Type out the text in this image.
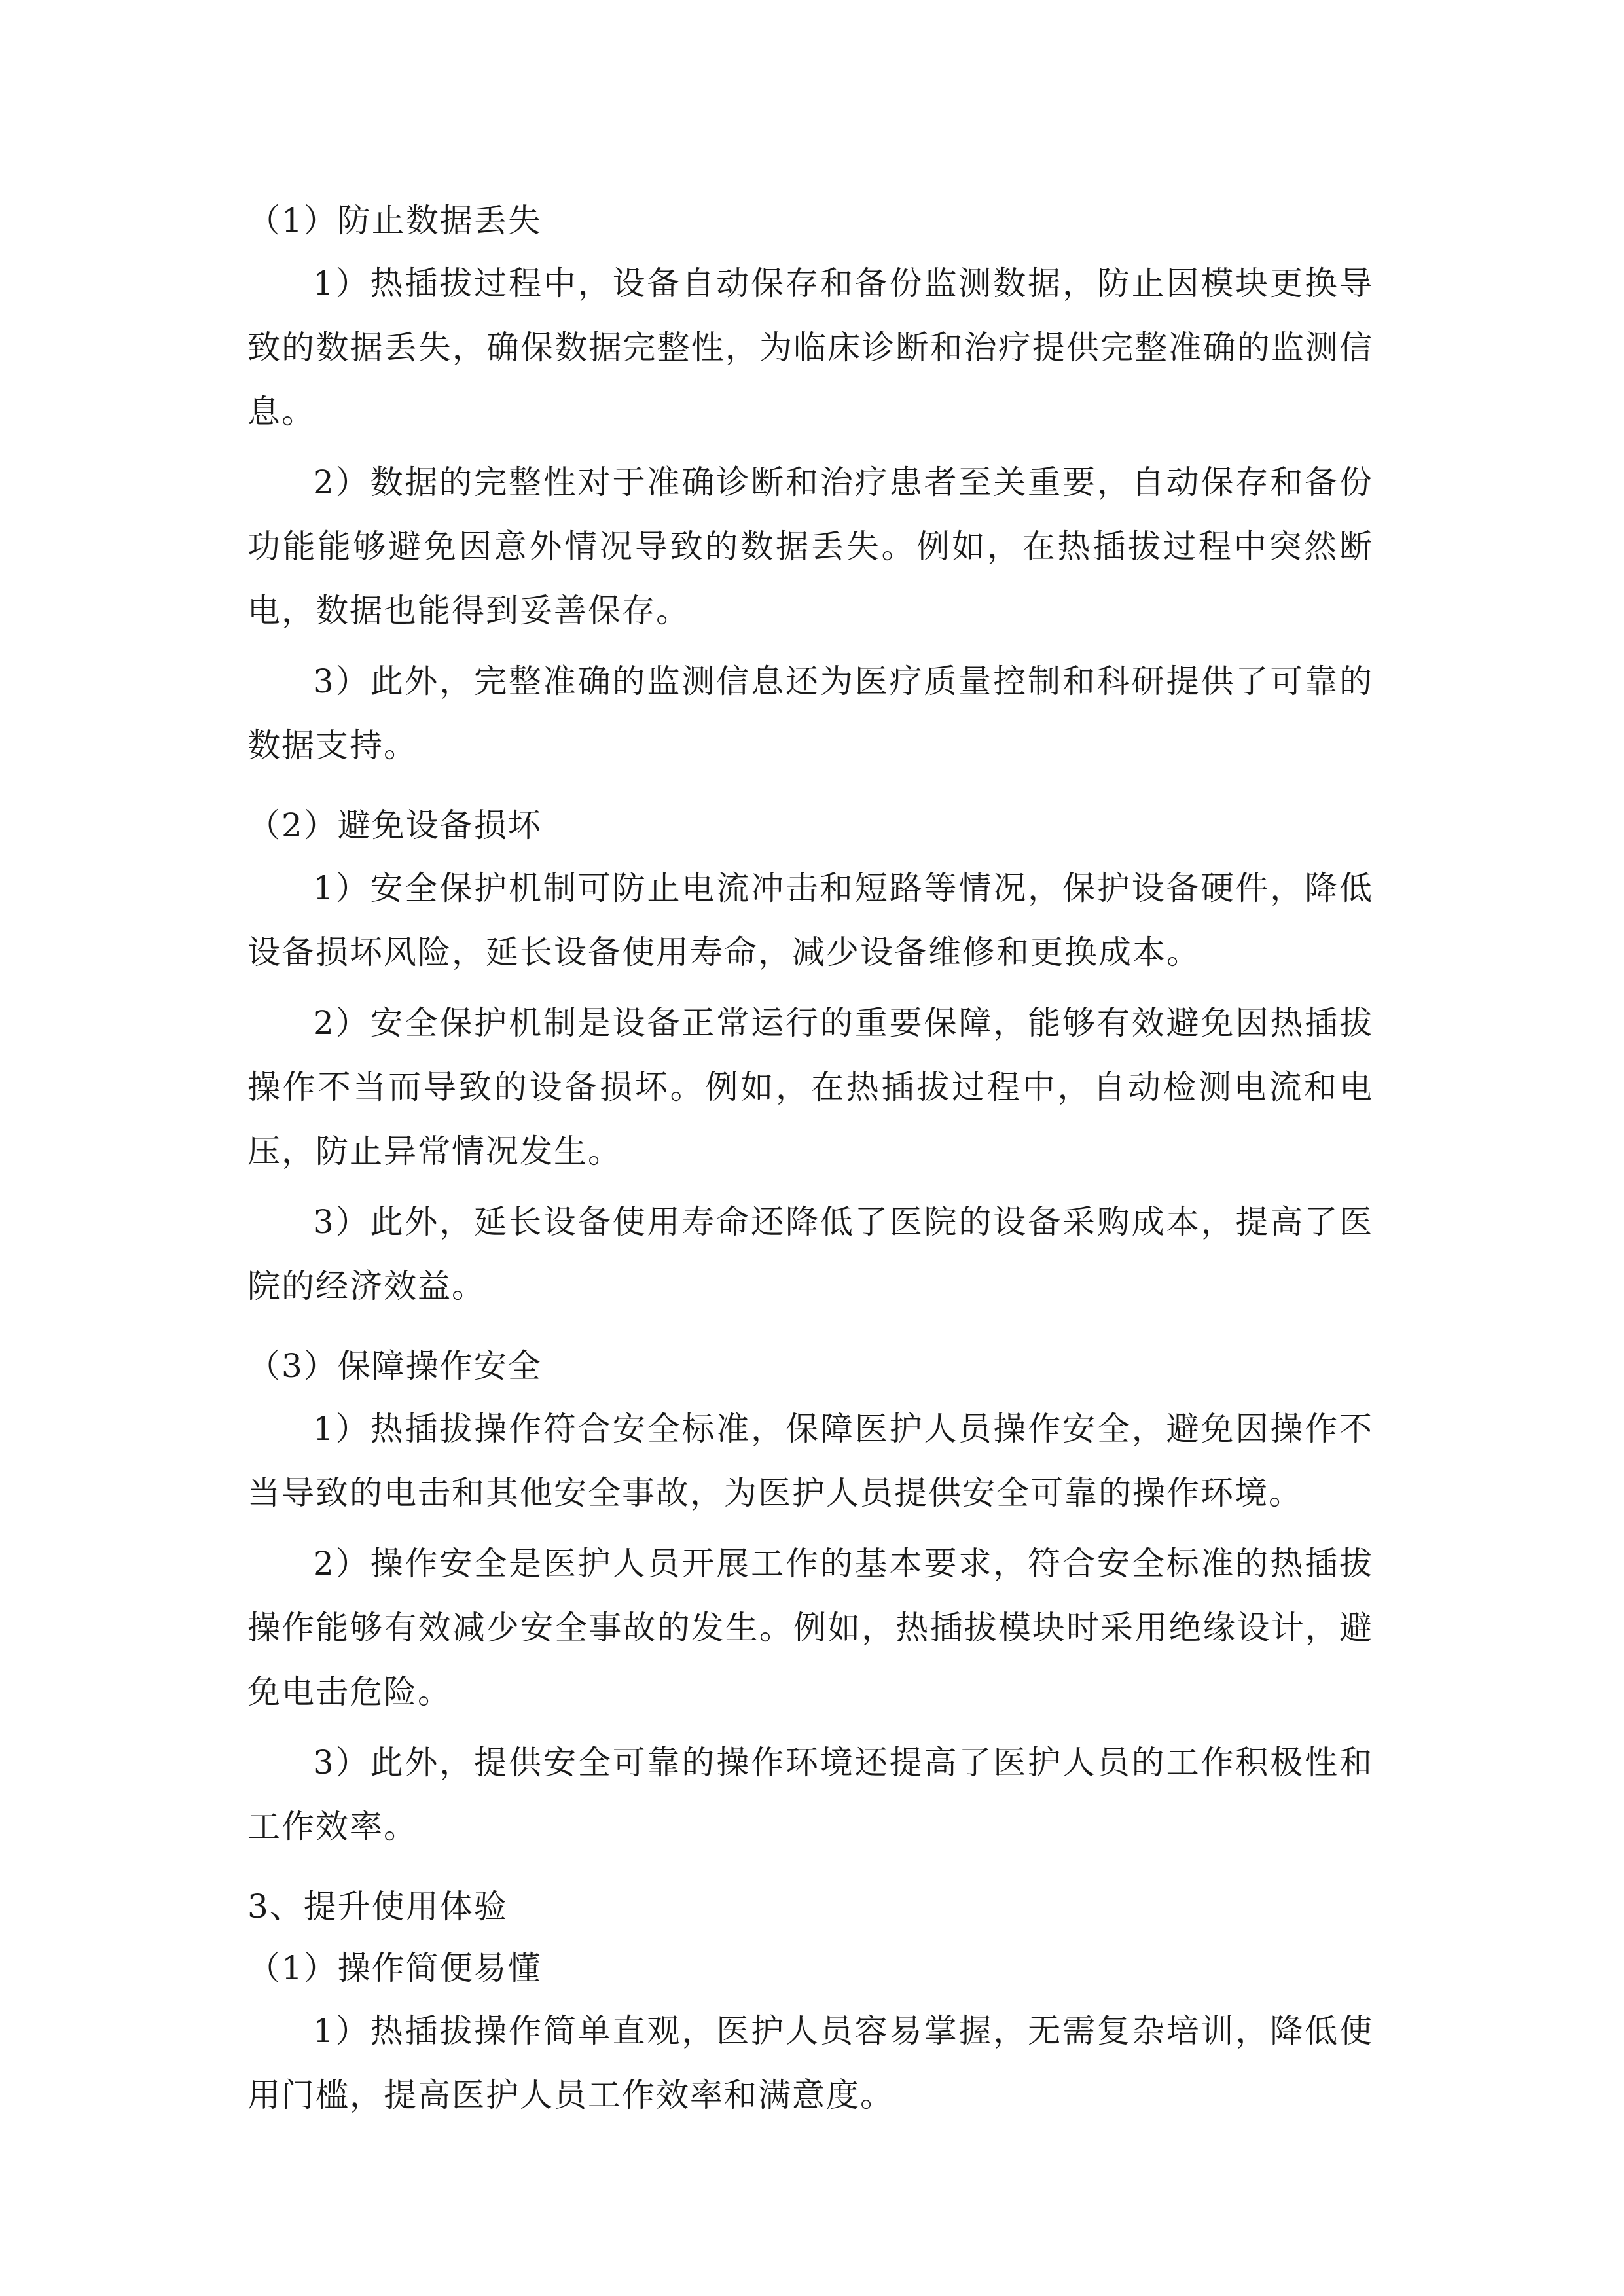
（1）防止数据丢失

1）热插拔过程中，设备自动保存和备份监测数据，防止因模块更换导致的数据丢失，确保数据完整性，为临床诊断和治疗提供完整准确的监测信息。

2）数据的完整性对于准确诊断和治疗患者至关重要，自动保存和备份功能能够避免因意外情况导致的数据丢失。例如，在热插拔过程中突然断电，数据也能得到妥善保存。

3）此外，完整准确的监测信息还为医疗质量控制和科研提供了可靠的数据支持。

（2）避免设备损坏

1）安全保护机制可防止电流冲击和短路等情况，保护设备硬件，降低设备损坏风险，延长设备使用寿命，减少设备维修和更换成本。

2）安全保护机制是设备正常运行的重要保障，能够有效避免因热插拔操作不当而导致的设备损坏。例如，在热插拔过程中，自动检测电流和电压，防止异常情况发生。

3）此外，延长设备使用寿命还降低了医院的设备采购成本，提高了医院的经济效益。

（3）保障操作安全

1）热插拔操作符合安全标准，保障医护人员操作安全，避免因操作不当导致的电击和其他安全事故，为医护人员提供安全可靠的操作环境。

2）操作安全是医护人员开展工作的基本要求，符合安全标准的热插拔操作能够有效减少安全事故的发生。例如，热插拔模块时采用绝缘设计，避免电击危险。

3）此外，提供安全可靠的操作环境还提高了医护人员的工作积极性和工作效率。

3、提升使用体验
（1）操作简便易懂

1）热插拔操作简单直观，医护人员容易掌握，无需复杂培训，降低使用门槛，提高医护人员工作效率和满意度。
